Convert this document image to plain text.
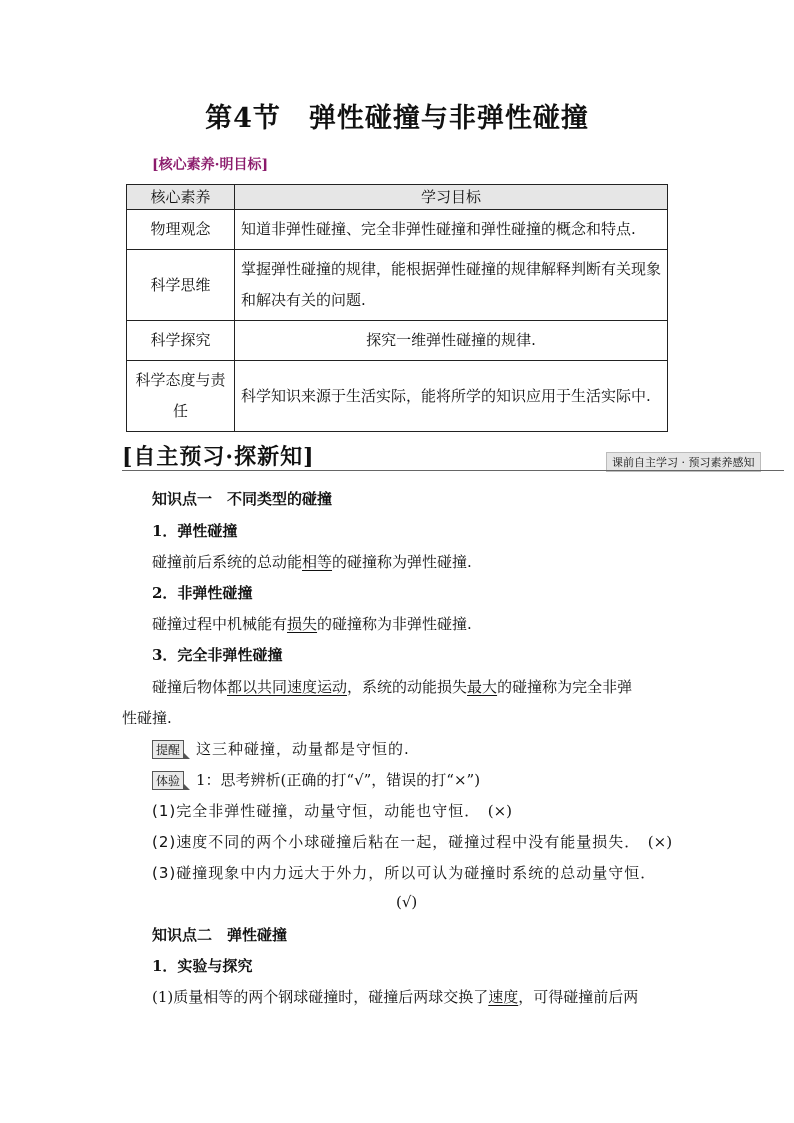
第4节　弹性碰撞与非弹性碰撞
[核心素养·明目标]
核心素养	学习目标
物理观念	知道非弹性碰撞、完全非弹性碰撞和弹性碰撞的概念和特点.
科学思维	掌握弹性碰撞的规律，能根据弹性碰撞的规律解释判断有关现象和解决有关的问题.
科学探究	探究一维弹性碰撞的规律.
科学态度与责任	科学知识来源于生活实际，能将所学的知识应用于生活实际中.
[自主预习·探新知]	课前自主学习 · 预习素养感知
知识点一　不同类型的碰撞
1．弹性碰撞
碰撞前后系统的总动能相等的碰撞称为弹性碰撞.
2．非弹性碰撞
碰撞过程中机械能有损失的碰撞称为非弹性碰撞.
3．完全非弹性碰撞
碰撞后物体都以共同速度运动，系统的动能损失最大的碰撞称为完全非弹
性碰撞.
提醒 这三种碰撞，动量都是守恒的.
体验 1：思考辨析(正确的打“√”，错误的打“×”)
(1)完全非弹性碰撞，动量守恒，动能也守恒．　 (×)
(2)速度不同的两个小球碰撞后粘在一起，碰撞过程中没有能量损失．　 (×)
(3)碰撞现象中内力远大于外力，所以可认为碰撞时系统的总动量守恒．
(√)
知识点二　弹性碰撞
1．实验与探究
(1)质量相等的两个钢球碰撞时，碰撞后两球交换了速度，可得碰撞前后两
